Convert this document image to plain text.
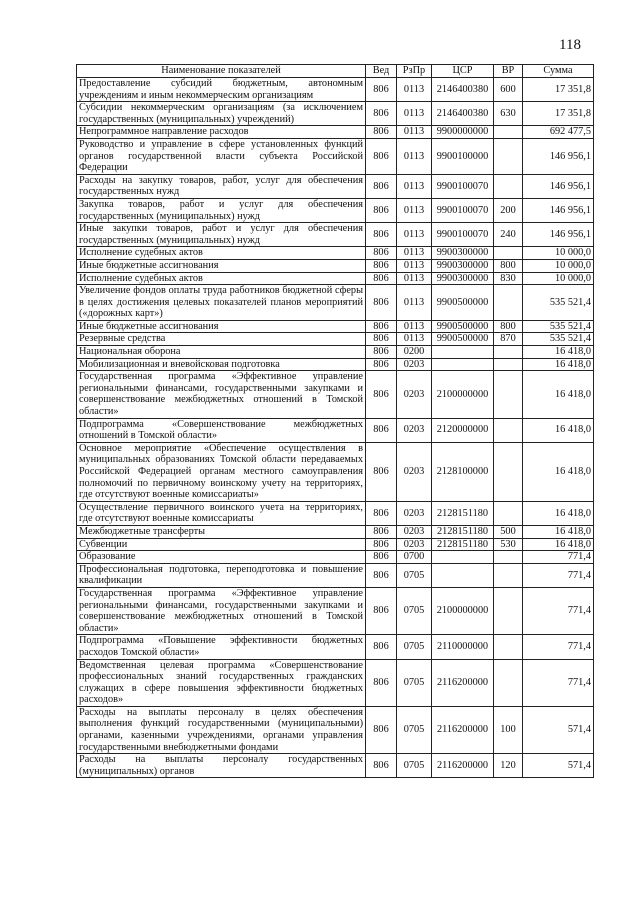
118
Наименование показателей	Вед	РзПр	ЦСР	ВР	Сумма
Предоставление субсидий бюджетным, автономным учреждениям и иным некоммерческим организациям	806	0113	2146400380	600	17 351,8
Субсидии некоммерческим организациям (за исключением государственных (муниципальных) учреждений)	806	0113	2146400380	630	17 351,8
Непрограммное направление расходов	806	0113	9900000000		692 477,5
Руководство и управление в сфере установленных функций органов государственной власти субъекта Российской Федерации	806	0113	9900100000		146 956,1
Расходы на закупку товаров, работ, услуг для обеспечения государственных нужд	806	0113	9900100070		146 956,1
Закупка товаров, работ и услуг для обеспечения государственных (муниципальных) нужд	806	0113	9900100070	200	146 956,1
Иные закупки товаров, работ и услуг для обеспечения государственных (муниципальных) нужд	806	0113	9900100070	240	146 956,1
Исполнение судебных актов	806	0113	9900300000		10 000,0
Иные бюджетные ассигнования	806	0113	9900300000	800	10 000,0
Исполнение судебных актов	806	0113	9900300000	830	10 000,0
Увеличение фондов оплаты труда работников бюджетной сферы в целях достижения целевых показателей планов мероприятий («дорожных карт»)	806	0113	9900500000		535 521,4
Иные бюджетные ассигнования	806	0113	9900500000	800	535 521,4
Резервные средства	806	0113	9900500000	870	535 521,4
Национальная оборона	806	0200			16 418,0
Мобилизационная и вневойсковая подготовка	806	0203			16 418,0
Государственная программа «Эффективное управление региональными финансами, государственными закупками и совершенствование межбюджетных отношений в Томской области»	806	0203	2100000000		16 418,0
Подпрограмма «Совершенствование межбюджетных отношений в Томской области»	806	0203	2120000000		16 418,0
Основное мероприятие «Обеспечение осуществления в муниципальных образованиях Томской области передаваемых Российской Федерацией органам местного самоуправления полномочий по первичному воинскому учету на территориях, где отсутствуют военные комиссариаты»	806	0203	2128100000		16 418,0
Осуществление первичного воинского учета на территориях, где отсутствуют военные комиссариаты	806	0203	2128151180		16 418,0
Межбюджетные трансферты	806	0203	2128151180	500	16 418,0
Субвенции	806	0203	2128151180	530	16 418,0
Образование	806	0700			771,4
Профессиональная подготовка, переподготовка и повышение квалификации	806	0705			771,4
Государственная программа «Эффективное управление региональными финансами, государственными закупками и совершенствование межбюджетных отношений в Томской области»	806	0705	2100000000		771,4
Подпрограмма «Повышение эффективности бюджетных расходов Томской области»	806	0705	2110000000		771,4
Ведомственная целевая программа «Совершенствование профессиональных знаний государственных гражданских служащих в сфере повышения эффективности бюджетных расходов»	806	0705	2116200000		771,4
Расходы на выплаты персоналу в целях обеспечения выполнения функций государственными (муниципальными) органами, казенными учреждениями, органами управления государственными внебюджетными фондами	806	0705	2116200000	100	571,4
Расходы на выплаты персоналу государственных (муниципальных) органов	806	0705	2116200000	120	571,4
